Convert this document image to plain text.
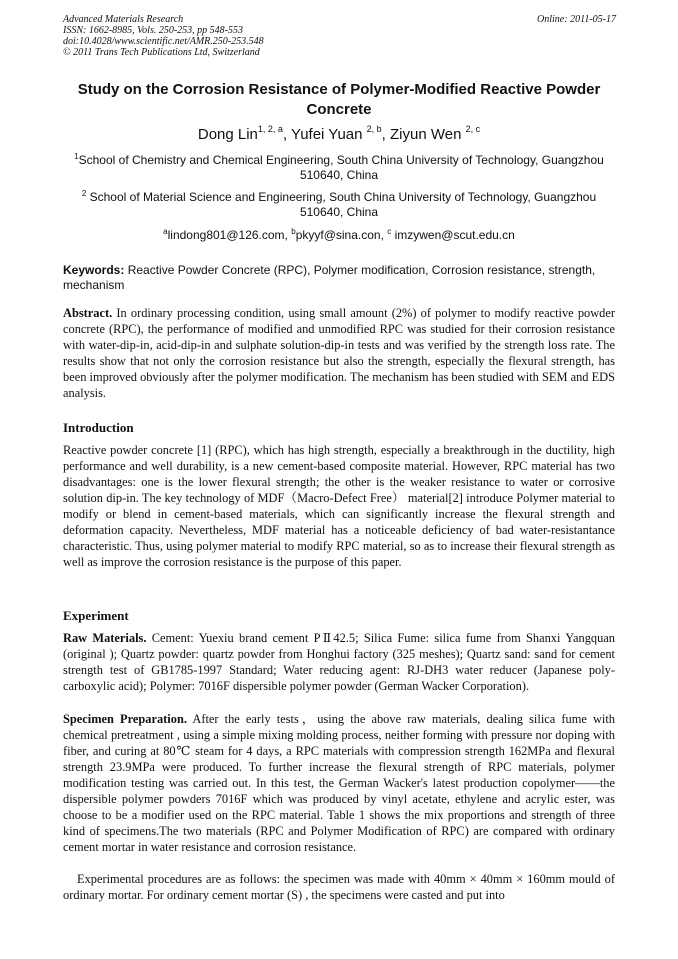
Advanced Materials Research
ISSN: 1662-8985, Vols. 250-253, pp 548-553
doi:10.4028/www.scientific.net/AMR.250-253.548
© 2011 Trans Tech Publications Ltd, Switzerland
Online: 2011-05-17
Study on the Corrosion Resistance of Polymer-Modified Reactive Powder Concrete
Dong Lin$^{1, 2, a}$, Yufei Yuan $^{2, b}$, Ziyun Wen $^{2, c}$
$^1$School of Chemistry and Chemical Engineering, South China University of Technology, Guangzhou 510640, China
$^2$ School of Material Science and Engineering, South China University of Technology, Guangzhou 510640, China
$^a$lindong801@126.com, $^b$pkyyf@sina.con, $^c$ imzywen@scut.edu.cn
Keywords: Reactive Powder Concrete (RPC), Polymer modification, Corrosion resistance, strength, mechanism
Abstract. In ordinary processing condition, using small amount (2%) of polymer to modify reactive powder concrete (RPC), the performance of modified and unmodified RPC was studied for their corrosion resistance with water-dip-in, acid-dip-in and sulphate solution-dip-in tests and was verified by the strength loss rate. The results show that not only the corrosion resistance but also the strength, especially the flexural strength, has been improved obviously after the polymer modification. The mechanism has been studied with SEM and EDS analysis.
Introduction
Reactive powder concrete [1] (RPC), which has high strength, especially a breakthrough in the ductility, high performance and well durability, is a new cement-based composite material. However, RPC material has two disadvantages: one is the lower flexural strength; the other is the weaker resistance to water or corrosive solution dip-in. The key technology of MDF（Macro-Defect Free） material[2] introduce Polymer material to modify or blend in cement-based materials, which can significantly increase the flexural strength and deformation capacity. Nevertheless, MDF material has a noticeable deficiency of bad water-resistantance characteristic. Thus, using polymer material to modify RPC material, so as to increase their flexural strength as well as improve the corrosion resistance is the purpose of this paper.
Experiment
Raw Materials. Cement: Yuexiu brand cement PⅡ42.5; Silica Fume: silica fume from Shanxi Yangquan (original ); Quartz powder: quartz powder from Honghui factory (325 meshes); Quartz sand: sand for cement strength test of GB1785-1997 Standard; Water reducing agent: RJ-DH3 water reducer (Japanese poly-carboxylic acid); Polymer: 7016F dispersible polymer powder (German Wacker Corporation).
Specimen Preparation. After the early tests，using the above raw materials, dealing silica fume with chemical pretreatment , using a simple mixing molding process, neither forming with pressure nor doping with fiber, and curing at 80℃ steam for 4 days, a RPC materials with compression strength 162MPa and flexural strength 23.9MPa were produced. To further increase the flexural strength of RPC materials, polymer modification testing was carried out. In this test, the German Wacker's latest production copolymer——the dispersible polymer powders 7016F which was produced by vinyl acetate, ethylene and acrylic ester, was choose to be a modifier used on the RPC material. Table 1 shows the mix proportions and strength of three kind of specimens.The two materials (RPC and Polymer Modification of RPC) are compared with ordinary cement mortar in water resistance and corrosion resistance.
Experimental procedures are as follows: the specimen was made with 40mm × 40mm × 160mm mould of ordinary mortar. For ordinary cement mortar (S) , the specimens were casted and put into
